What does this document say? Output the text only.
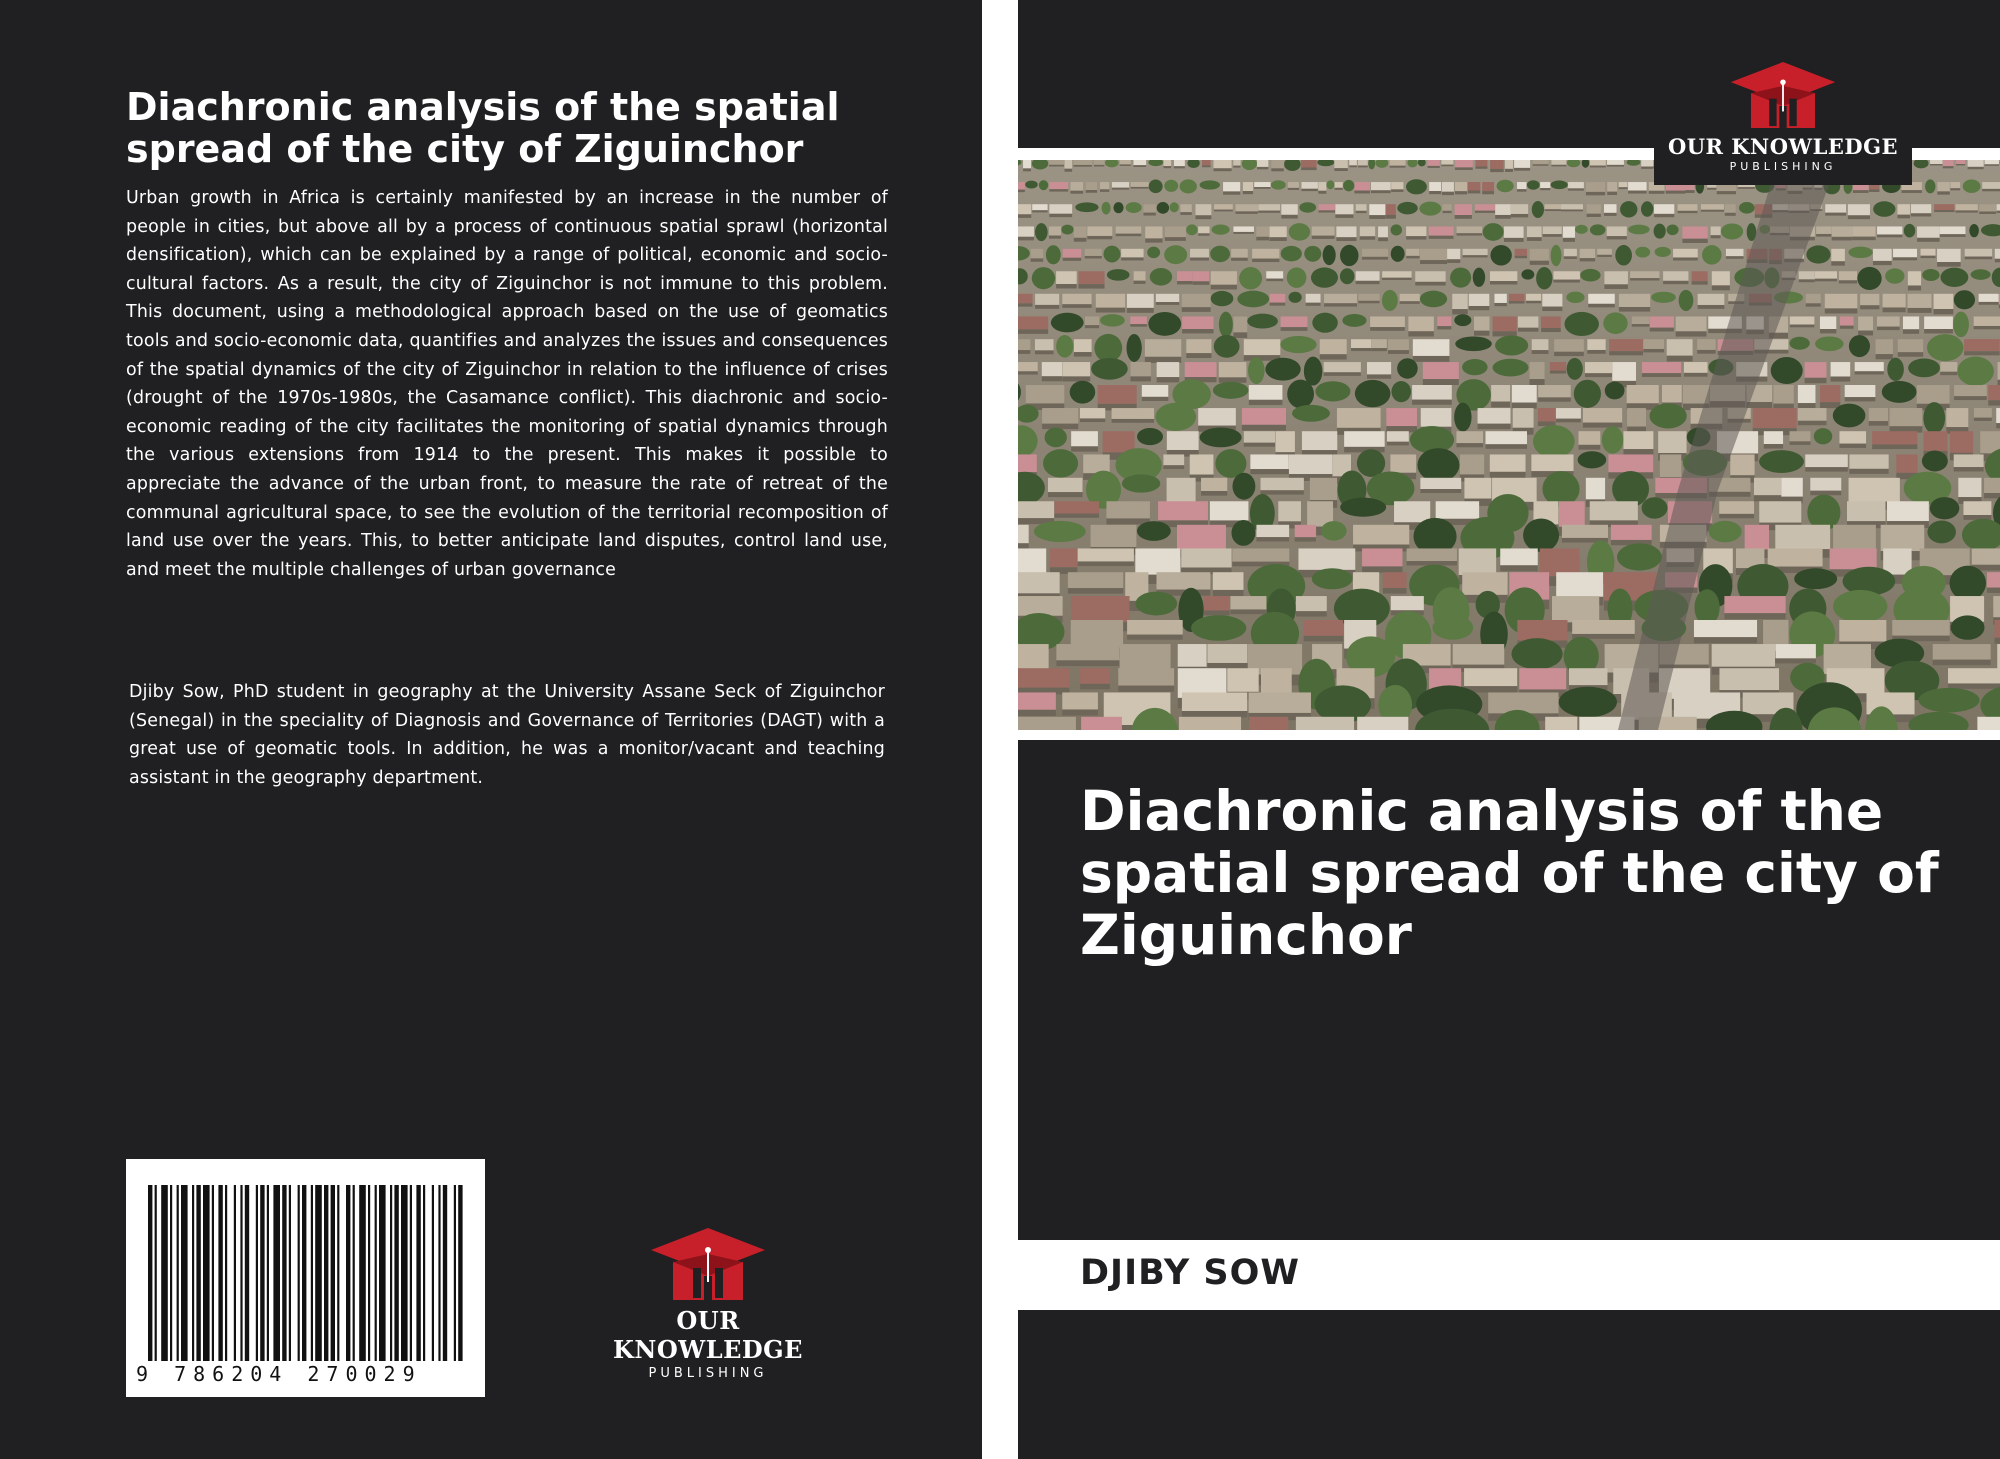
Diachronic analysis of the spatial spread of the city of Ziguinchor

Urban growth in Africa is certainly manifested by an increase in the number of people in cities, but above all by a process of continuous spatial sprawl (horizontal densification), which can be explained by a range of political, economic and socio-cultural factors. As a result, the city of Ziguinchor is not immune to this problem. This document, using a methodological approach based on the use of geomatics tools and socio-economic data, quantifies and analyzes the issues and consequences of the spatial dynamics of the city of Ziguinchor in relation to the influence of crises (drought of the 1970s-1980s, the Casamance conflict). This diachronic and socio-economic reading of the city facilitates the monitoring of spatial dynamics through the various extensions from 1914 to the present. This makes it possible to appreciate the advance of the urban front, to measure the rate of retreat of the communal agricultural space, to see the evolution of the territorial recomposition of land use over the years. This, to better anticipate land disputes, control land use, and meet the multiple challenges of urban governance

Djiby Sow, PhD student in geography at the University Assane Seck of Ziguinchor (Senegal) in the speciality of Diagnosis and Governance of Territories (DAGT) with a great use of geomatic tools. In addition, he was a monitor/vacant and teaching assistant in the geography department.

9 786204 270029
OUR KNOWLEDGE
PUBLISHING
OUR KNOWLEDGE
PUBLISHING
Diachronic analysis of the spatial spread of the city of Ziguinchor
DJIBY SOW
